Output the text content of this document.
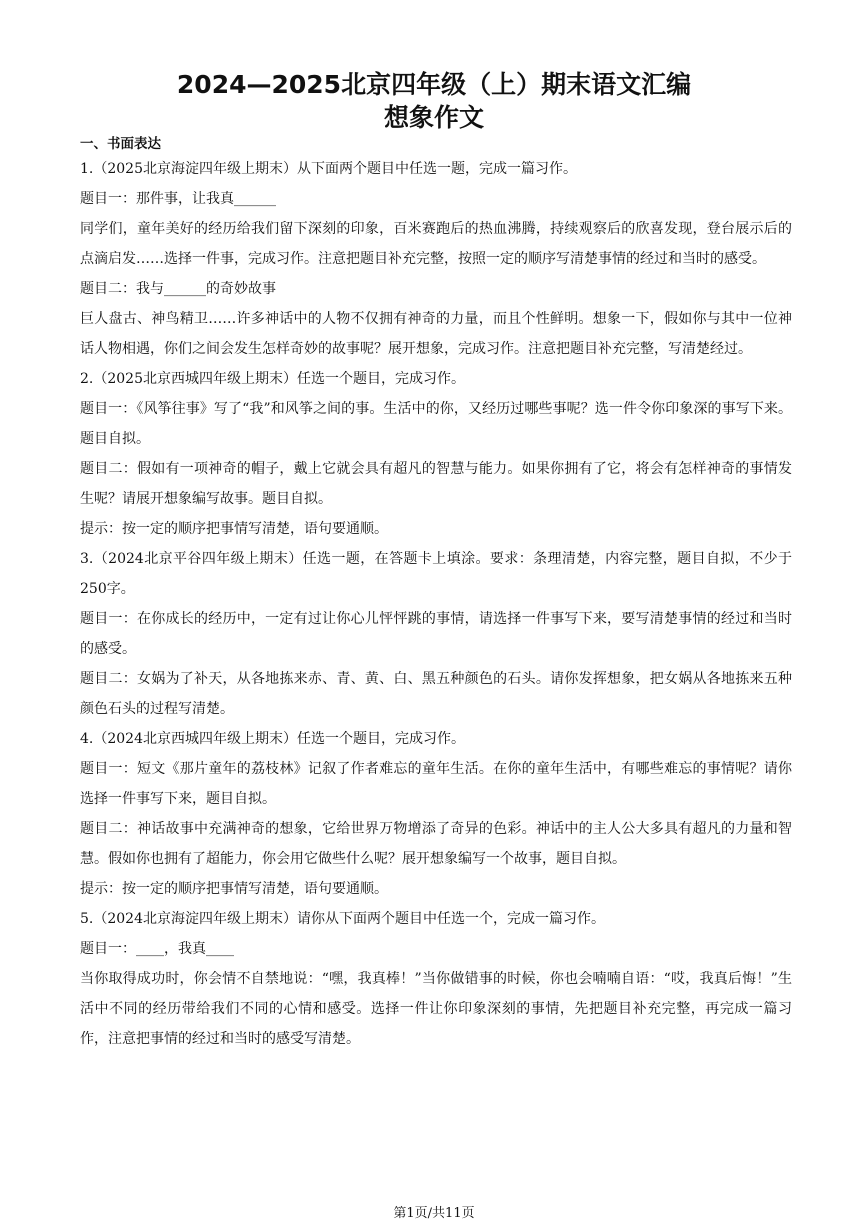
2024—2025北京四年级（上）期末语文汇编
想象作文

一、书面表达

1.（2025北京海淀四年级上期末）从下面两个题目中任选一题，完成一篇习作。

题目一：那件事，让我真______

同学们，童年美好的经历给我们留下深刻的印象，百米赛跑后的热血沸腾，持续观察后的欣喜发现，登台展示后的点滴启发……选择一件事，完成习作。注意把题目补充完整，按照一定的顺序写清楚事情的经过和当时的感受。

题目二：我与______的奇妙故事

巨人盘古、神鸟精卫……许多神话中的人物不仅拥有神奇的力量，而且个性鲜明。想象一下，假如你与其中一位神话人物相遇，你们之间会发生怎样奇妙的故事呢？展开想象，完成习作。注意把题目补充完整，写清楚经过。

2.（2025北京西城四年级上期末）任选一个题目，完成习作。

题目一：《风筝往事》写了“我”和风筝之间的事。生活中的你，又经历过哪些事呢？选一件令你印象深的事写下来。题目自拟。

题目二：假如有一项神奇的帽子，戴上它就会具有超凡的智慧与能力。如果你拥有了它，将会有怎样神奇的事情发生呢？请展开想象编写故事。题目自拟。

提示：按一定的顺序把事情写清楚，语句要通顺。

3.（2024北京平谷四年级上期末）任选一题，在答题卡上填涂。要求：条理清楚，内容完整，题目自拟，不少于250字。

题目一：在你成长的经历中，一定有过让你心儿怦怦跳的事情，请选择一件事写下来，要写清楚事情的经过和当时的感受。

题目二：女娲为了补天，从各地拣来赤、青、黄、白、黑五种颜色的石头。请你发挥想象，把女娲从各地拣来五种颜色石头的过程写清楚。

4.（2024北京西城四年级上期末）任选一个题目，完成习作。

题目一：短文《那片童年的荔枝林》记叙了作者难忘的童年生活。在你的童年生活中，有哪些难忘的事情呢？请你选择一件事写下来，题目自拟。

题目二：神话故事中充满神奇的想象，它给世界万物增添了奇异的色彩。神话中的主人公大多具有超凡的力量和智慧。假如你也拥有了超能力，你会用它做些什么呢？展开想象编写一个故事，题目自拟。

提示：按一定的顺序把事情写清楚，语句要通顺。

5.（2024北京海淀四年级上期末）请你从下面两个题目中任选一个，完成一篇习作。

题目一：____，我真____

当你取得成功时，你会情不自禁地说：“嘿，我真棒！”当你做错事的时候，你也会喃喃自语：“哎，我真后悔！”生活中不同的经历带给我们不同的心情和感受。选择一件让你印象深刻的事情，先把题目补充完整，再完成一篇习作，注意把事情的经过和当时的感受写清楚。

第1页/共11页
